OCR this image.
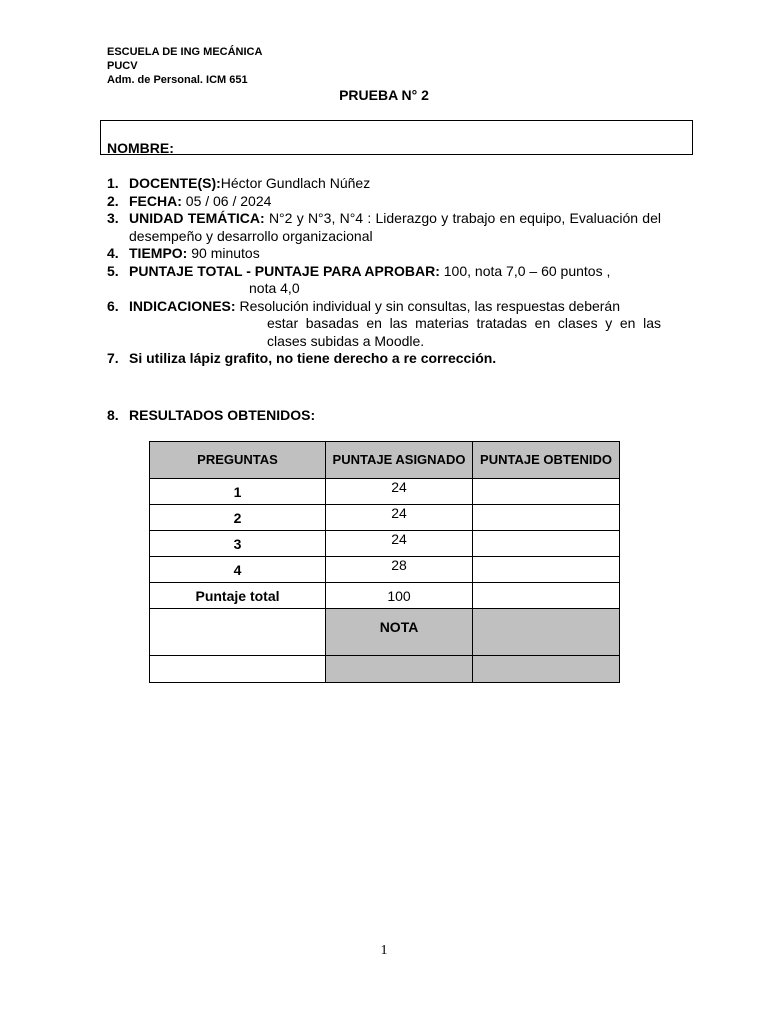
ESCUELA DE ING MECÁNICA
PUCV
Adm. de Personal. ICM 651
PRUEBA N° 2
NOMBRE:
1. DOCENTE(S):Héctor Gundlach Núñez
2. FECHA: 05 / 06 / 2024
3. UNIDAD TEMÁTICA: N°2 y N°3, N°4 : Liderazgo y trabajo en equipo, Evaluación del desempeño y desarrollo organizacional
4. TIEMPO: 90 minutos
5. PUNTAJE TOTAL - PUNTAJE PARA APROBAR: 100, nota 7,0 – 60 puntos ,
nota 4,0
6. INDICACIONES: Resolución individual y sin consultas, las respuestas deberán
estar basadas en las materias tratadas en clases y en las clases subidas a Moodle.
7. Si utiliza lápiz grafito, no tiene derecho a re corrección.
8. RESULTADOS OBTENIDOS:
PREGUNTAS	PUNTAJE ASIGNADO	PUNTAJE OBTENIDO
1	24	
2	24	
3	24	
4	28	
Puntaje total	100	
	NOTA	

1
